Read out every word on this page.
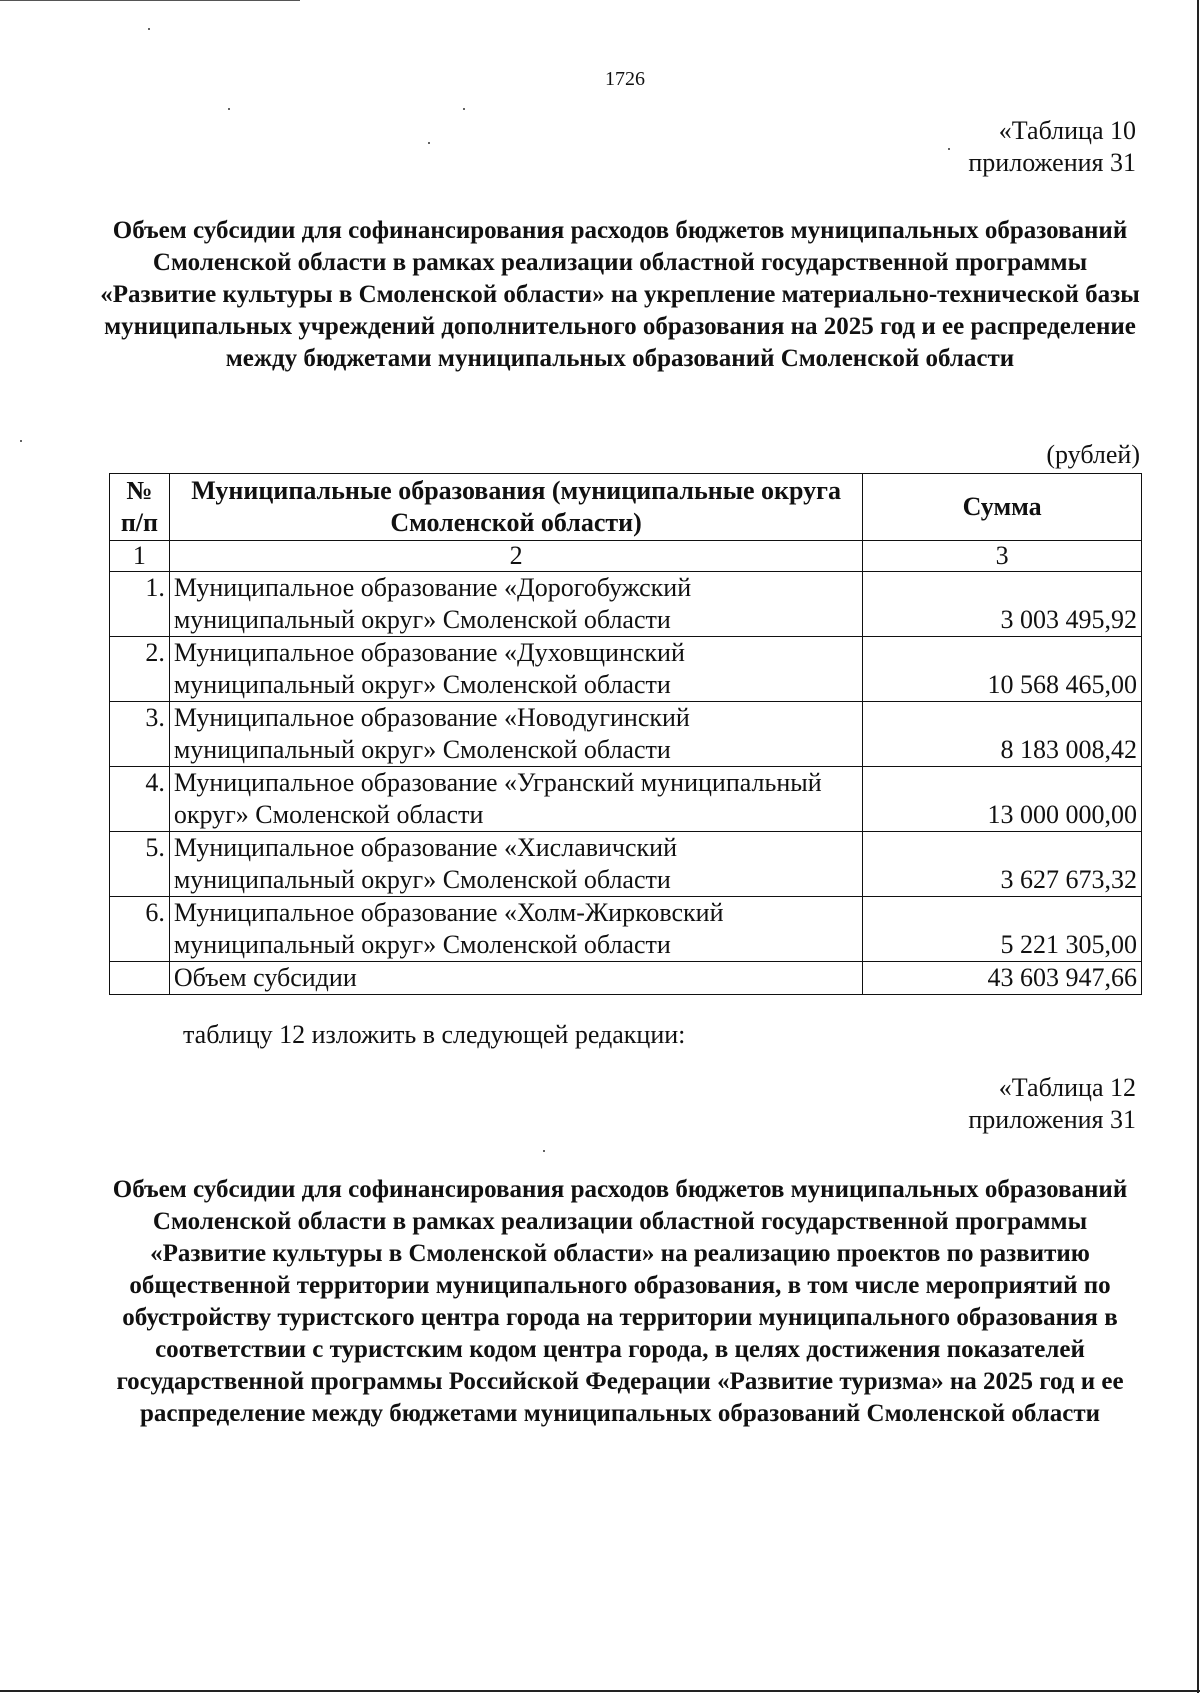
1726
«Таблица 10
приложения 31
Объем субсидии для софинансирования расходов бюджетов муниципальных образований Смоленской области в рамках реализации областной государственной программы «Развитие культуры в Смоленской области» на укрепление материально-технической базы муниципальных учреждений дополнительного образования на 2025 год и ее распределение между бюджетами муниципальных образований Смоленской области
(рублей)
№ п/п	Муниципальные образования (муниципальные округа Смоленской области)	Сумма
1	2	3
1.	Муниципальное образование «Дорогобужский муниципальный округ» Смоленской области	3 003 495,92
2.	Муниципальное образование «Духовщинский муниципальный округ» Смоленской области	10 568 465,00
3.	Муниципальное образование «Новодугинский муниципальный округ» Смоленской области	8 183 008,42
4.	Муниципальное образование «Угранский муниципальный округ» Смоленской области	13 000 000,00
5.	Муниципальное образование «Хиславичский муниципальный округ» Смоленской области	3 627 673,32
6.	Муниципальное образование «Холм-Жирковский муниципальный округ» Смоленской области	5 221 305,00
	Объем субсидии	43 603 947,66
таблицу 12 изложить в следующей редакции:
«Таблица 12
приложения 31
Объем субсидии для софинансирования расходов бюджетов муниципальных образований Смоленской области в рамках реализации областной государственной программы «Развитие культуры в Смоленской области» на реализацию проектов по развитию общественной территории муниципального образования, в том числе мероприятий по обустройству туристского центра города на территории муниципального образования в соответствии с туристским кодом центра города, в целях достижения показателей государственной программы Российской Федерации «Развитие туризма» на 2025 год и ее распределение между бюджетами муниципальных образований Смоленской области
